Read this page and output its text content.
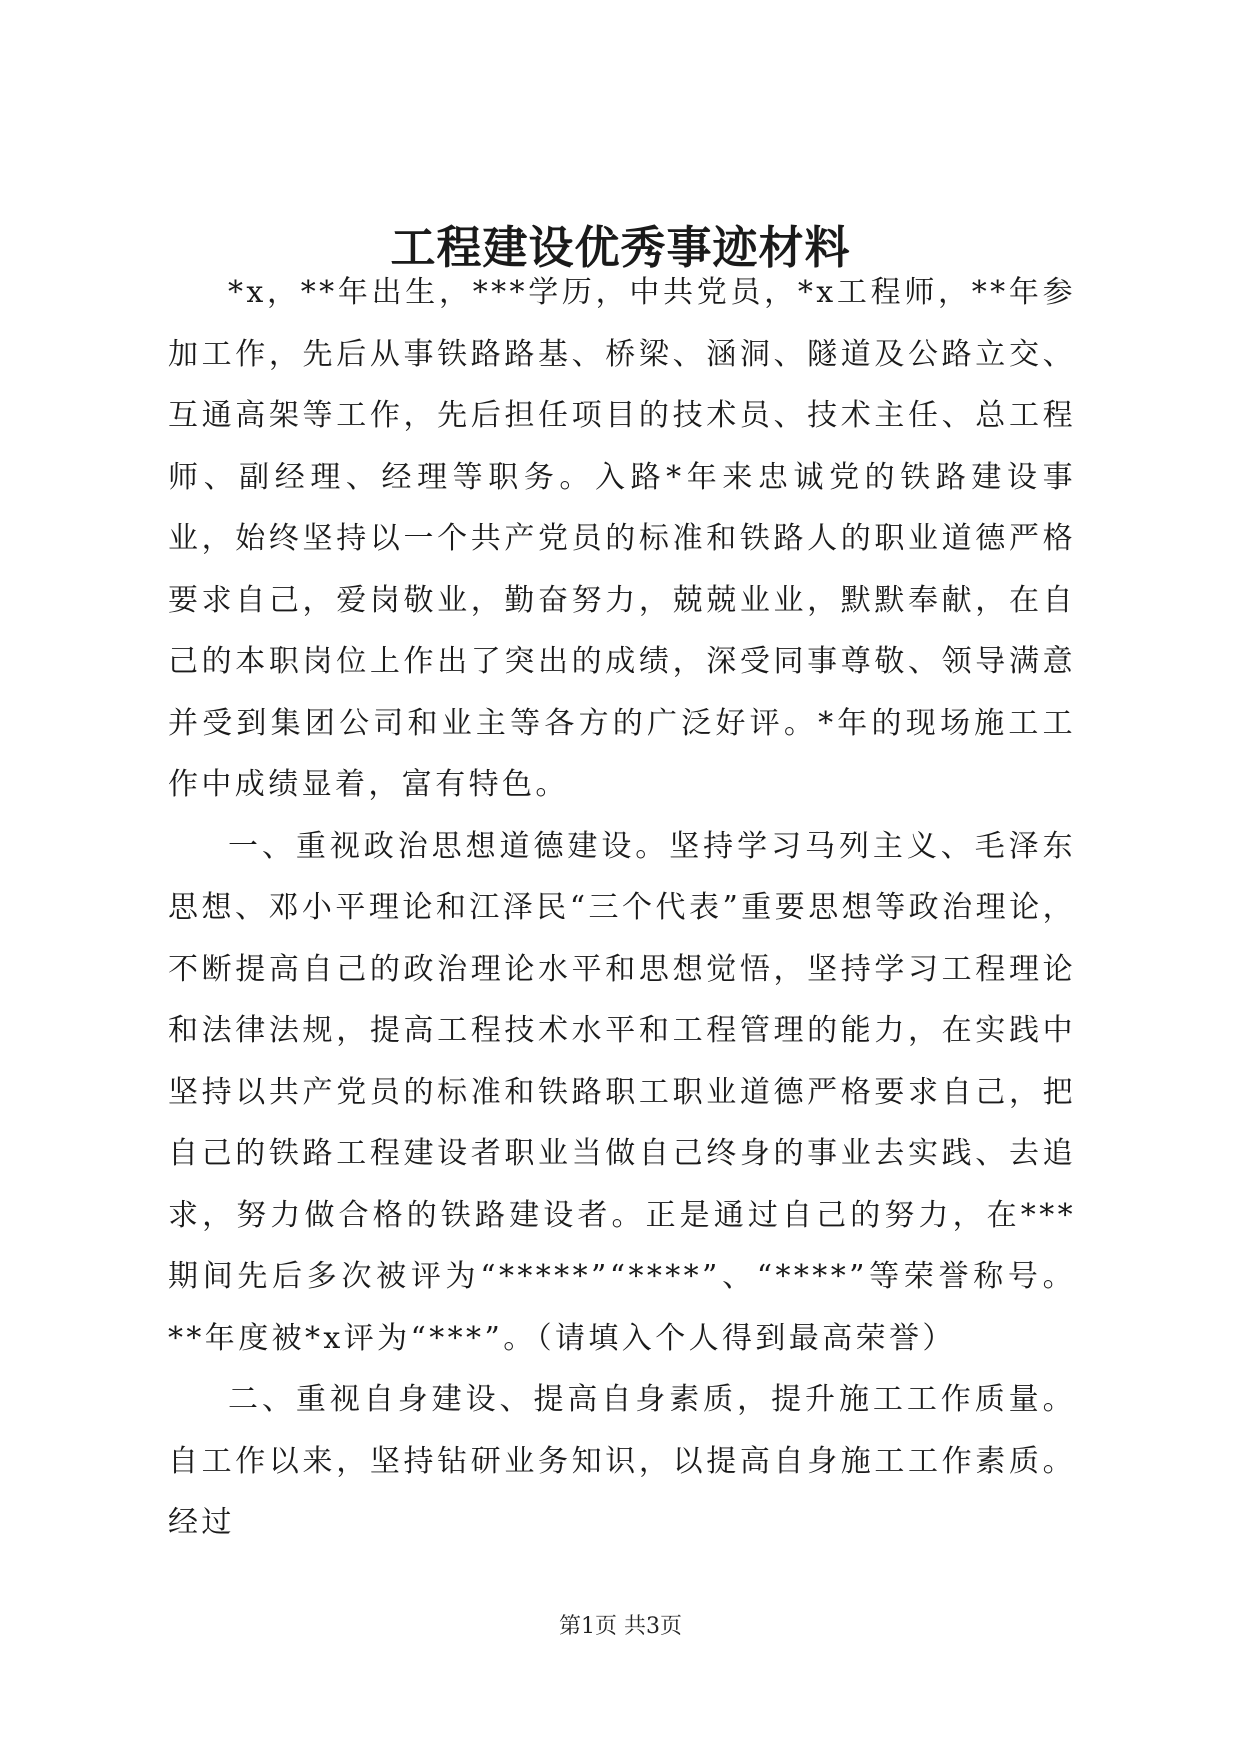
工程建设优秀事迹材料

*x，**年出生，***学历，中共党员，*x工程师，**年参加工作，先后从事铁路路基、桥梁、涵洞、隧道及公路立交、互通高架等工作，先后担任项目的技术员、技术主任、总工程师、副经理、经理等职务。入路*年来忠诚党的铁路建设事业，始终坚持以一个共产党员的标准和铁路人的职业道德严格要求自己，爱岗敬业，勤奋努力，兢兢业业，默默奉献，在自己的本职岗位上作出了突出的成绩，深受同事尊敬、领导满意并受到集团公司和业主等各方的广泛好评。*年的现场施工工作中成绩显着，富有特色。

一、重视政治思想道德建设。坚持学习马列主义、毛泽东思想、邓小平理论和江泽民“三个代表”重要思想等政治理论，不断提高自己的政治理论水平和思想觉悟，坚持学习工程理论和法律法规，提高工程技术水平和工程管理的能力，在实践中坚持以共产党员的标准和铁路职工职业道德严格要求自己，把自己的铁路工程建设者职业当做自己终身的事业去实践、去追求，努力做合格的铁路建设者。正是通过自己的努力，在***期间先后多次被评为“*****”“****”、“****”等荣誉称号。**年度被*x评为“***”。（请填入个人得到最高荣誉）

二、重视自身建设、提高自身素质，提升施工工作质量。自工作以来，坚持钻研业务知识，以提高自身施工工作素质。经过

第1页 共3页
